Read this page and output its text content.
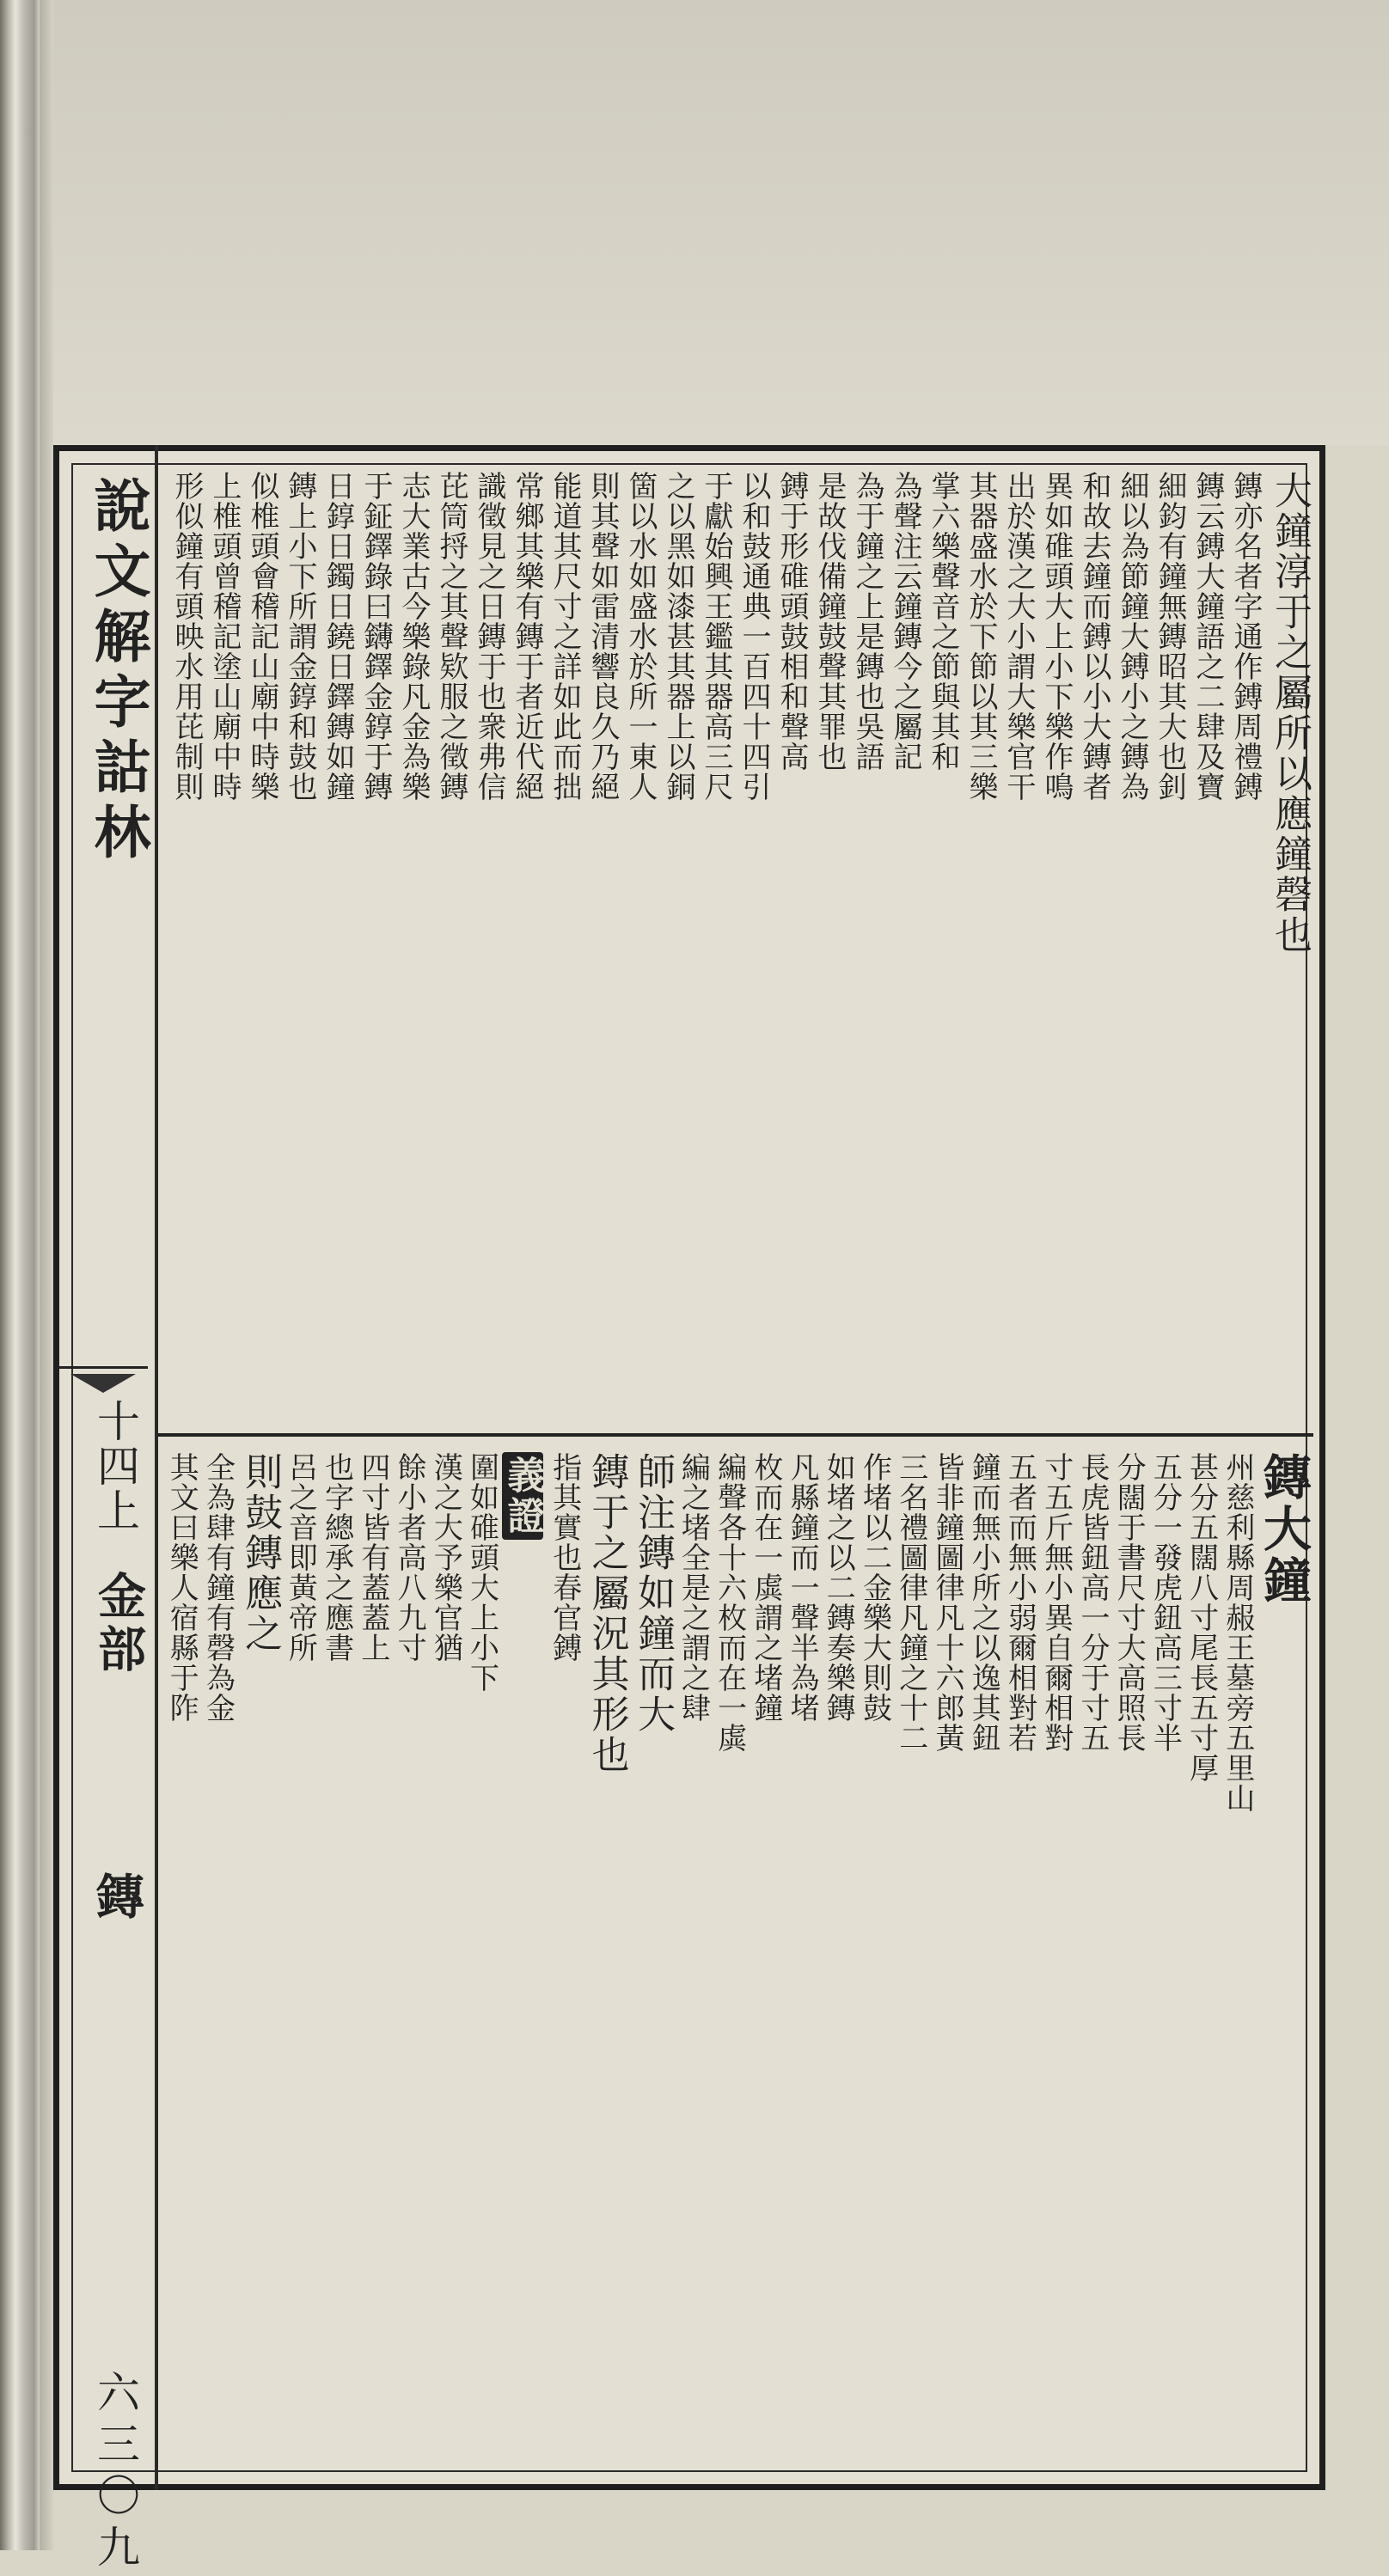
說文解字詁林
十四上
金部
鏄
六三〇九
大鐘淳于之屬所以應鐘磬也
鏄亦名者字通作鎛周禮鎛
鏄云鎛大鐘語之二肆及寶
細鈞有鐘無鏄昭其大也釗
細以為節鐘大鎛小之鏄為
和故去鐘而鎛以小大鏄者
異如碓頭大上小下樂作鳴
出於漢之大小謂大樂官干
其器盛水於下節以其三樂
掌六樂聲音之節與其和
為聲注云鐘鏄今之屬記
為于鐘之上是鏄也吳語
是故伐備鐘鼓聲其罪也
鎛于形碓頭鼓相和聲高
以和鼓通典一百四十四引
于獻始興王鑑其器高三尺
之以黑如漆甚其器上以銅
箇以水如盛水於所一東人
則其聲如雷清響良久乃絕
能道其尺寸之詳如此而拙
常鄉其樂有鏄于者近代絕
識徵見之日鏄于也衆弗信
芘筒捋之其聲欵服之徵鏄
志大業古今樂錄凡金為樂
于鉦鐸錄曰鑮鐸金錞于鏄
日錞日鐲日鐃日鐸鏄如鐘
鏄上小下所謂金錞和鼓也
似椎頭會稽記山廟中時樂
上椎頭曾稽記塗山廟中時
形似鐘有頭映水用芘制則
鏄大鐘
州慈利縣周赧王墓旁五里山
甚分五闊八寸尾長五寸厚
五分一發虎鈕高三寸半
分闊于書尺寸大高照長
長虎皆鈕高一分于寸五
寸五斤無小異自爾相對
五者而無小弱爾相對若
鐘而無小所之以逸其鈕
皆非鐘圖律凡十六郎黃
三名禮圖律凡鐘之十二
作堵以二金樂大則鼓
如堵之以二鏄奏樂鏄
凡縣鐘而一聲半為堵
枚而在一虡謂之堵鐘
編聲各十六枚而在一虡
編之堵全是之謂之肆
師注鏄如鐘而大
鏄于之屬況其形也
指其實也春官鎛
義證
圍如碓頭大上小下
漢之大予樂官猶
餘小者高八九寸
四寸皆有蓋蓋上
也字總承之應書
呂之音即黃帝所
則鼓鏄應之
全為肆有鐘有磬為金
其文曰樂人宿縣于阼
